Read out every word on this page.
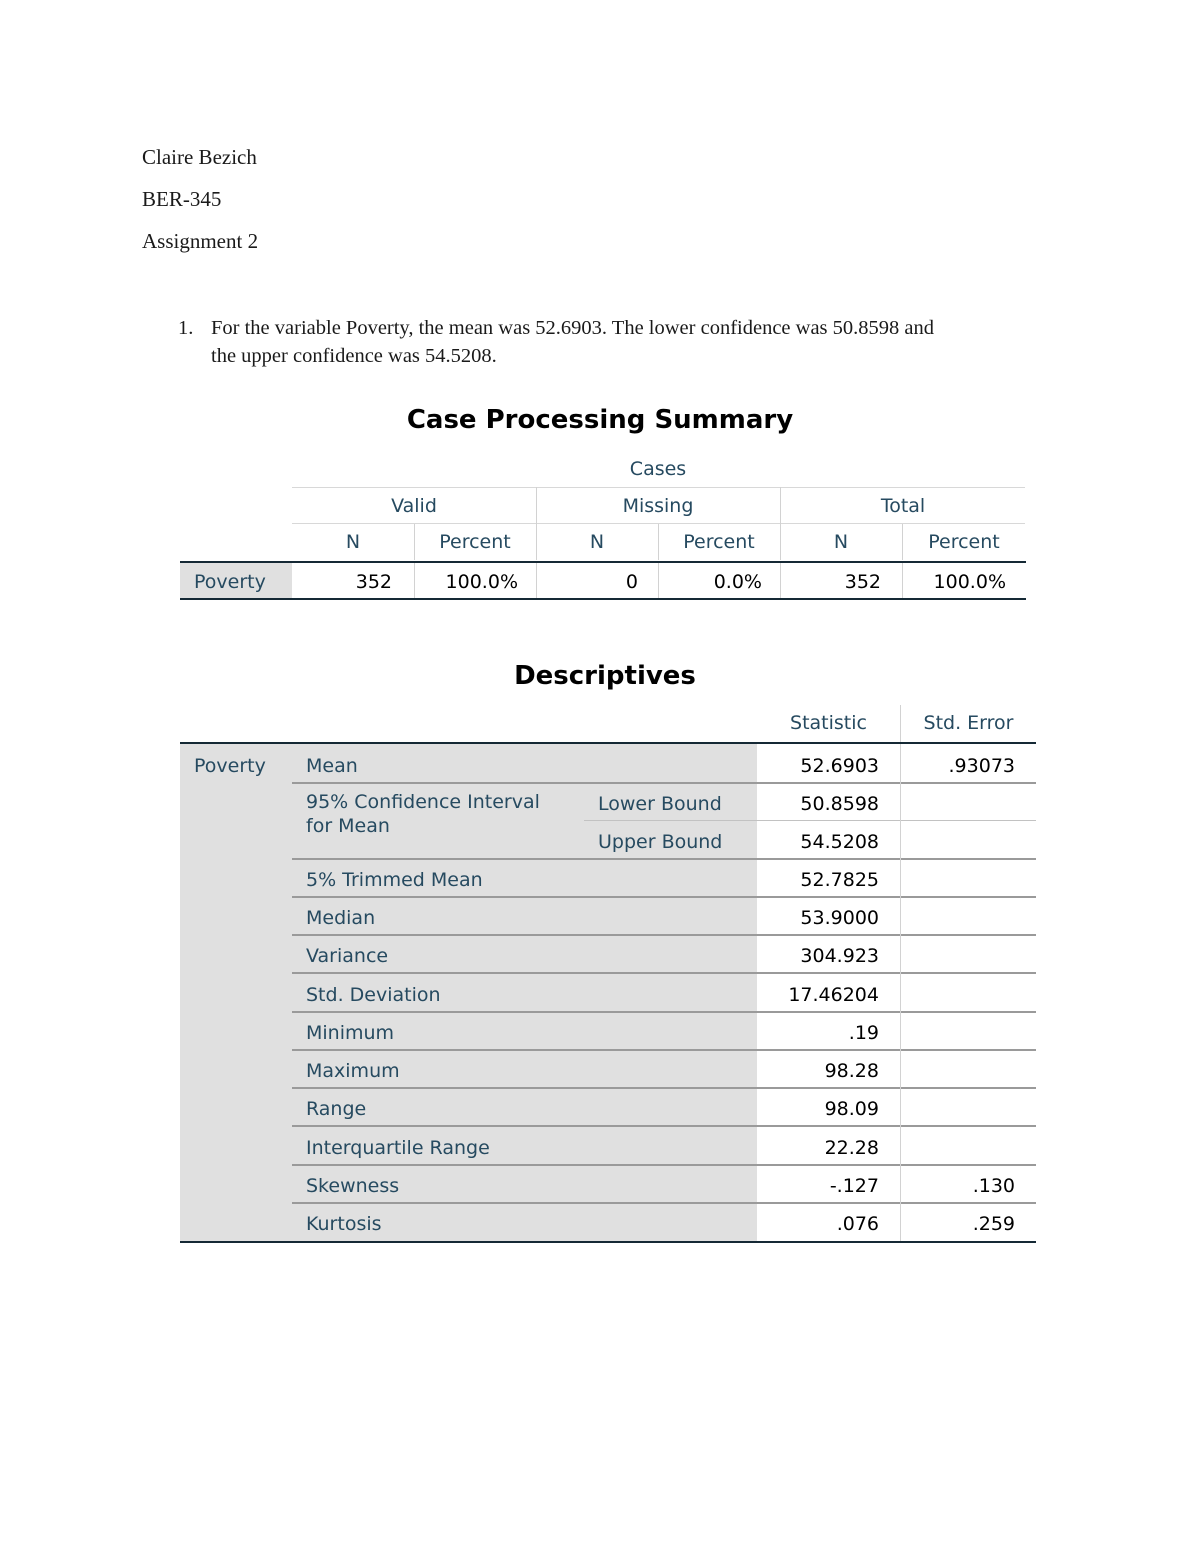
Claire Bezich
BER-345
Assignment 2
1. For the variable Poverty, the mean was 52.6903. The lower confidence was 50.8598 and
the upper confidence was 54.5208.
Case Processing Summary
Cases
Valid	Missing	Total
N	Percent	N	Percent	N	Percent
Poverty	352	100.0%	0	0.0%	352	100.0%
Descriptives
Statistic	Std. Error
Poverty Mean	52.6903	.93073
95% Confidence Interval
for Mean
Lower Bound	50.8598
Upper Bound	54.5208
5% Trimmed Mean	52.7825
Median	53.9000
Variance	304.923
Std. Deviation	17.46204
Minimum	.19
Maximum	98.28
Range	98.09
Interquartile Range	22.28
Skewness	-.127	.130
Kurtosis	.076	.259
